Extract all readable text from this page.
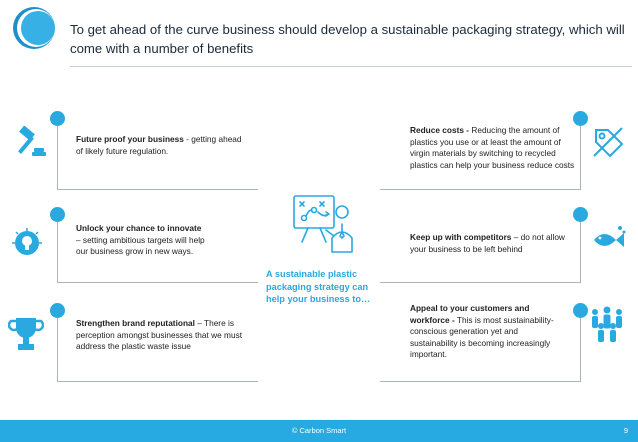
To get ahead of the curve business should develop a sustainable packaging strategy, which will come with a number of benefits
Future proof your business - getting ahead of likely future regulation.
Unlock your chance to innovate
– setting ambitious targets will help our business grow in new ways.
Strengthen brand reputational – There is perception amongst businesses that we must address the plastic waste issue
Reduce costs - Reducing the amount of plastics you use or at least the amount of virgin materials by switching to recycled plastics can help your business reduce costs
Keep up with competitors – do not allow your business to be left behind
Appeal to your customers and workforce - This is most sustainability-conscious generation yet and sustainability is becoming increasingly important.
A sustainable plastic packaging strategy can help your business to…
© Carbon Smart	9
